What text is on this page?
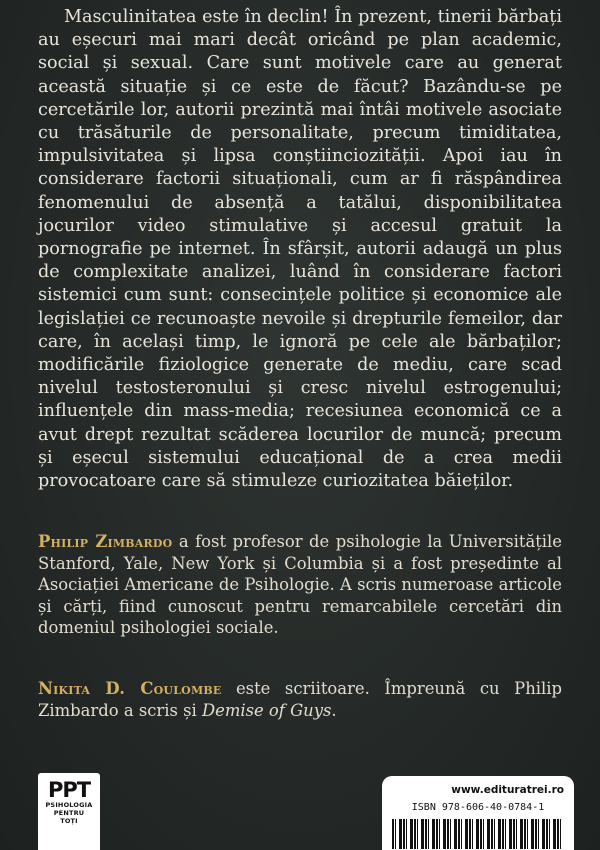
Masculinitatea este în declin! În prezent, tinerii bărbați au eșecuri mai mari decât oricând pe plan academic, social și sexual. Care sunt motivele care au generat această situație și ce este de făcut? Bazându-se pe cercetările lor, autorii prezintă mai întâi motivele asociate cu trăsăturile de personalitate, precum timiditatea, impulsivitatea și lipsa conștiinciozității. Apoi iau în considerare factorii situaționali, cum ar fi răspândirea fenomenului de absență a tatălui, disponibilitatea jocurilor video stimulative și accesul gratuit la pornografie pe internet. În sfârșit, autorii adaugă un plus de complexitate analizei, luând în considerare factori sistemici cum sunt: consecințele politice și economice ale legislației ce recunoaște nevoile și drepturile femeilor, dar care, în același timp, le ignoră pe cele ale bărbaților; modificările fiziologice generate de mediu, care scad nivelul testosteronului și cresc nivelul estrogenului; influențele din mass-media; recesiunea economică ce a avut drept rezultat scăderea locurilor de muncă; precum și eșecul sistemului educațional de a crea medii provocatoare care să stimuleze curiozitatea băieților.

Philip Zimbardo a fost profesor de psihologie la Universitățile Stanford, Yale, New York și Columbia și a fost președinte al Asociației Americane de Psihologie. A scris numeroase articole și cărți, fiind cunoscut pentru remarcabilele cercetări din domeniul psihologiei sociale.

Nikita D. Coulombe este scriitoare. Împreună cu Philip Zimbardo a scris și Demise of Guys.

PPT
PSIHOLOGIA
PENTRU
TOȚI

www.edituratrei.ro

ISBN 978-606-40-0784-1
